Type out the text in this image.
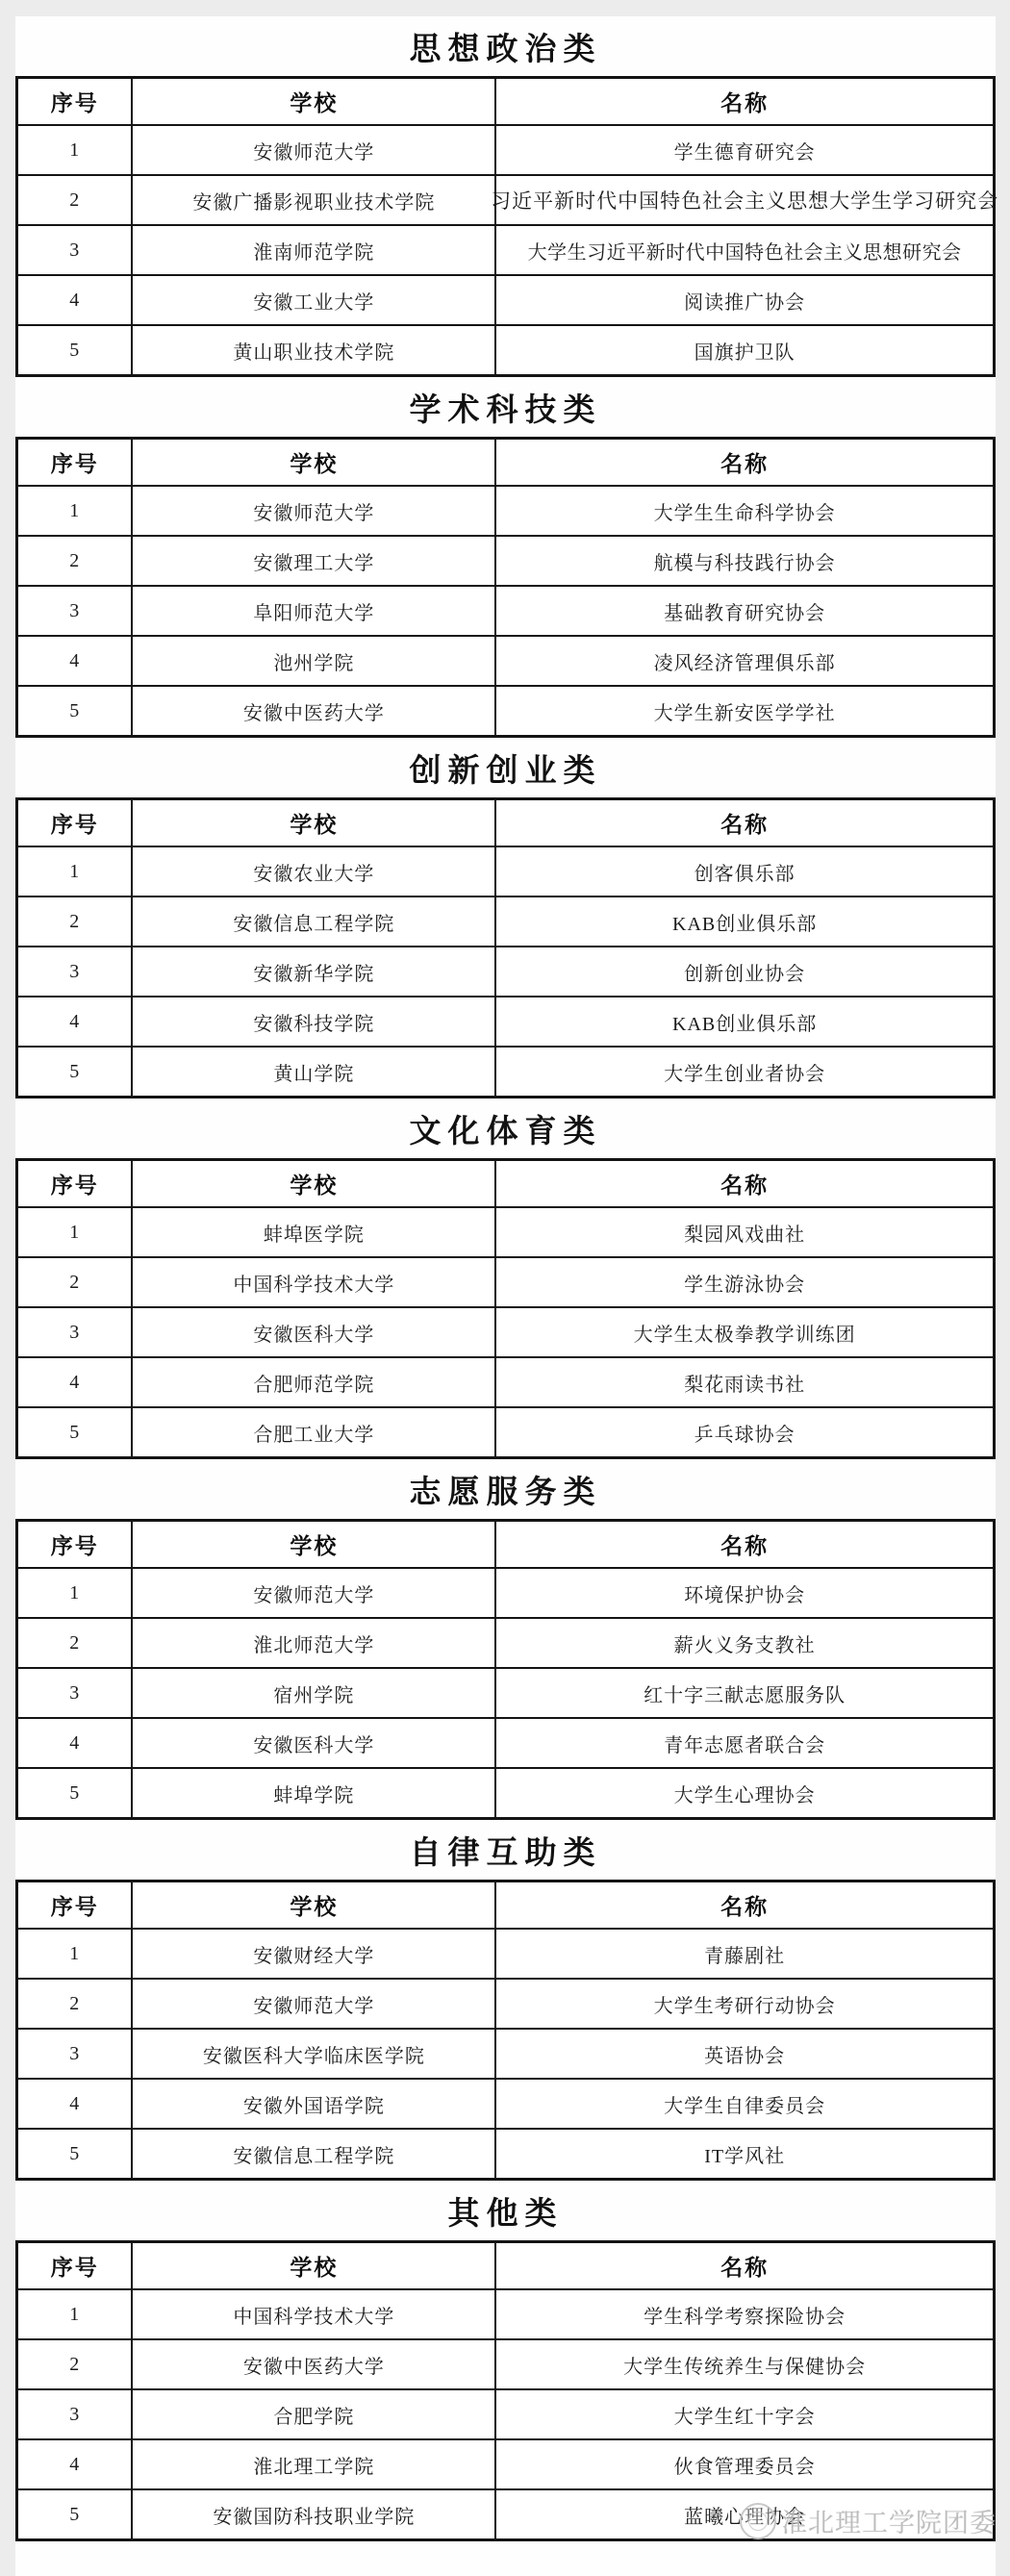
思想政治类
序号	学校	名称
1	安徽师范大学	学生德育研究会
2	安徽广播影视职业技术学院	习近平新时代中国特色社会主义思想大学生学习研究会

3	淮南师范学院	大学生习近平新时代中国特色社会主义思想研究会
4	安徽工业大学	阅读推广协会
5	黄山职业技术学院	国旗护卫队
学术科技类
序号	学校	名称
1	安徽师范大学	大学生生命科学协会
2	安徽理工大学	航模与科技践行协会
3	阜阳师范大学	基础教育研究协会
4	池州学院	凌风经济管理俱乐部
5	安徽中医药大学	大学生新安医学学社
创新创业类
序号	学校	名称
1	安徽农业大学	创客俱乐部
2	安徽信息工程学院	KAB创业俱乐部
3	安徽新华学院	创新创业协会
4	安徽科技学院	KAB创业俱乐部
5	黄山学院	大学生创业者协会
文化体育类
序号	学校	名称
1	蚌埠医学院	梨园风戏曲社
2	中国科学技术大学	学生游泳协会
3	安徽医科大学	大学生太极拳教学训练团
4	合肥师范学院	梨花雨读书社
5	合肥工业大学	乒乓球协会
志愿服务类
序号	学校	名称
1	安徽师范大学	环境保护协会
2	淮北师范大学	薪火义务支教社
3	宿州学院	红十字三献志愿服务队
4	安徽医科大学	青年志愿者联合会
5	蚌埠学院	大学生心理协会
自律互助类
序号	学校	名称
1	安徽财经大学	青藤剧社
2	安徽师范大学	大学生考研行动协会
3	安徽医科大学临床医学院	英语协会
4	安徽外国语学院	大学生自律委员会
5	安徽信息工程学院	IT学风社
其他类
序号	学校	名称
1	中国科学技术大学	学生科学考察探险协会
2	安徽中医药大学	大学生传统养生与保健协会
3	合肥学院	大学生红十字会
4	淮北理工学院	伙食管理委员会
5	安徽国防科技职业学院	蓝曦心理协会
淮北理工学院团委
